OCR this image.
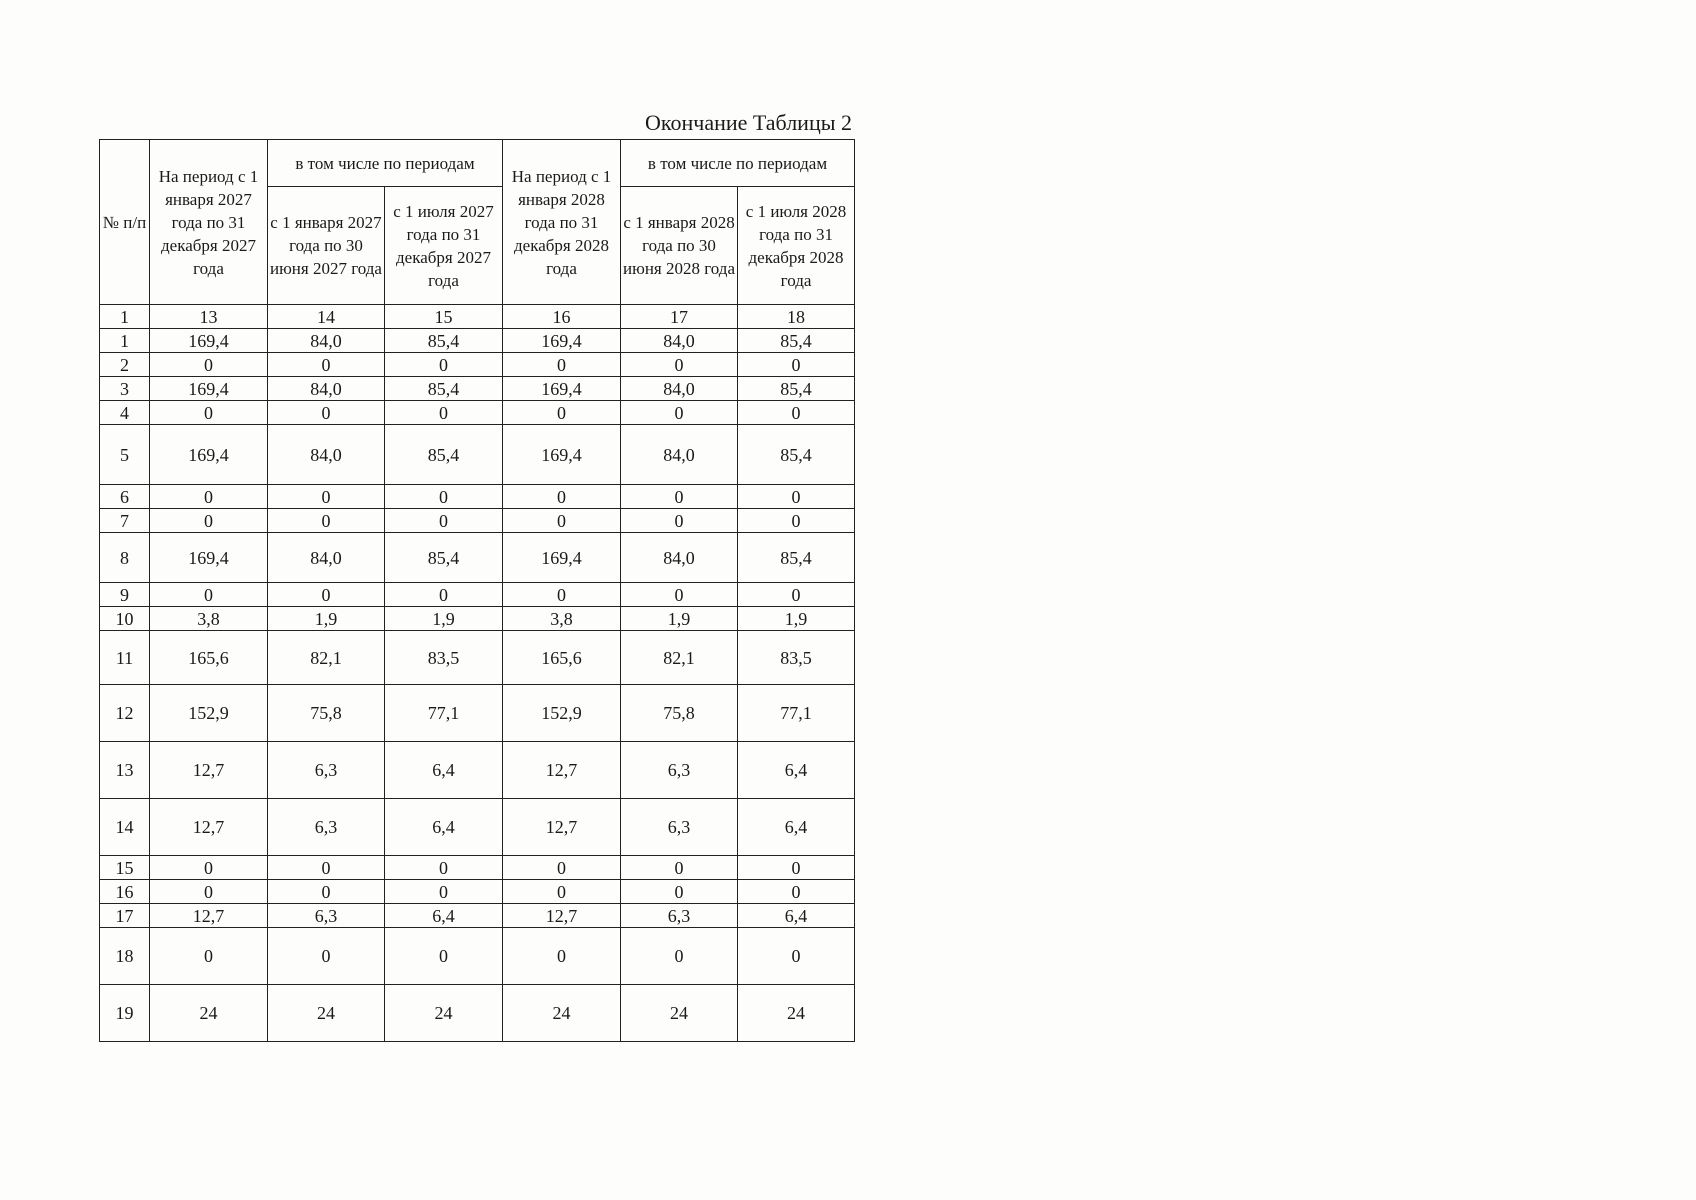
Окончание Таблицы 2
№ п/п	На период с 1 января 2027 года по 31 декабря 2027 года	в том числе по периодам		На период с 1 января 2028 года по 31 декабря 2028 года	в том числе по периодам	
		с 1 января 2027 года по 30 июня 2027 года	с 1 июля 2027 года по 31 декабря 2027 года		с 1 января 2028 года по 30 июня 2028 года	с 1 июля 2028 года по 31 декабря 2028 года
1	13	14	15	16	17	18
1	169,4	84,0	85,4	169,4	84,0	85,4
2	0	0	0	0	0	0
3	169,4	84,0	85,4	169,4	84,0	85,4
4	0	0	0	0	0	0
5	169,4	84,0	85,4	169,4	84,0	85,4
6	0	0	0	0	0	0
7	0	0	0	0	0	0
8	169,4	84,0	85,4	169,4	84,0	85,4
9	0	0	0	0	0	0
10	3,8	1,9	1,9	3,8	1,9	1,9
11	165,6	82,1	83,5	165,6	82,1	83,5
12	152,9	75,8	77,1	152,9	75,8	77,1
13	12,7	6,3	6,4	12,7	6,3	6,4
14	12,7	6,3	6,4	12,7	6,3	6,4
15	0	0	0	0	0	0
16	0	0	0	0	0	0
17	12,7	6,3	6,4	12,7	6,3	6,4
18	0	0	0	0	0	0
19	24	24	24	24	24	24
